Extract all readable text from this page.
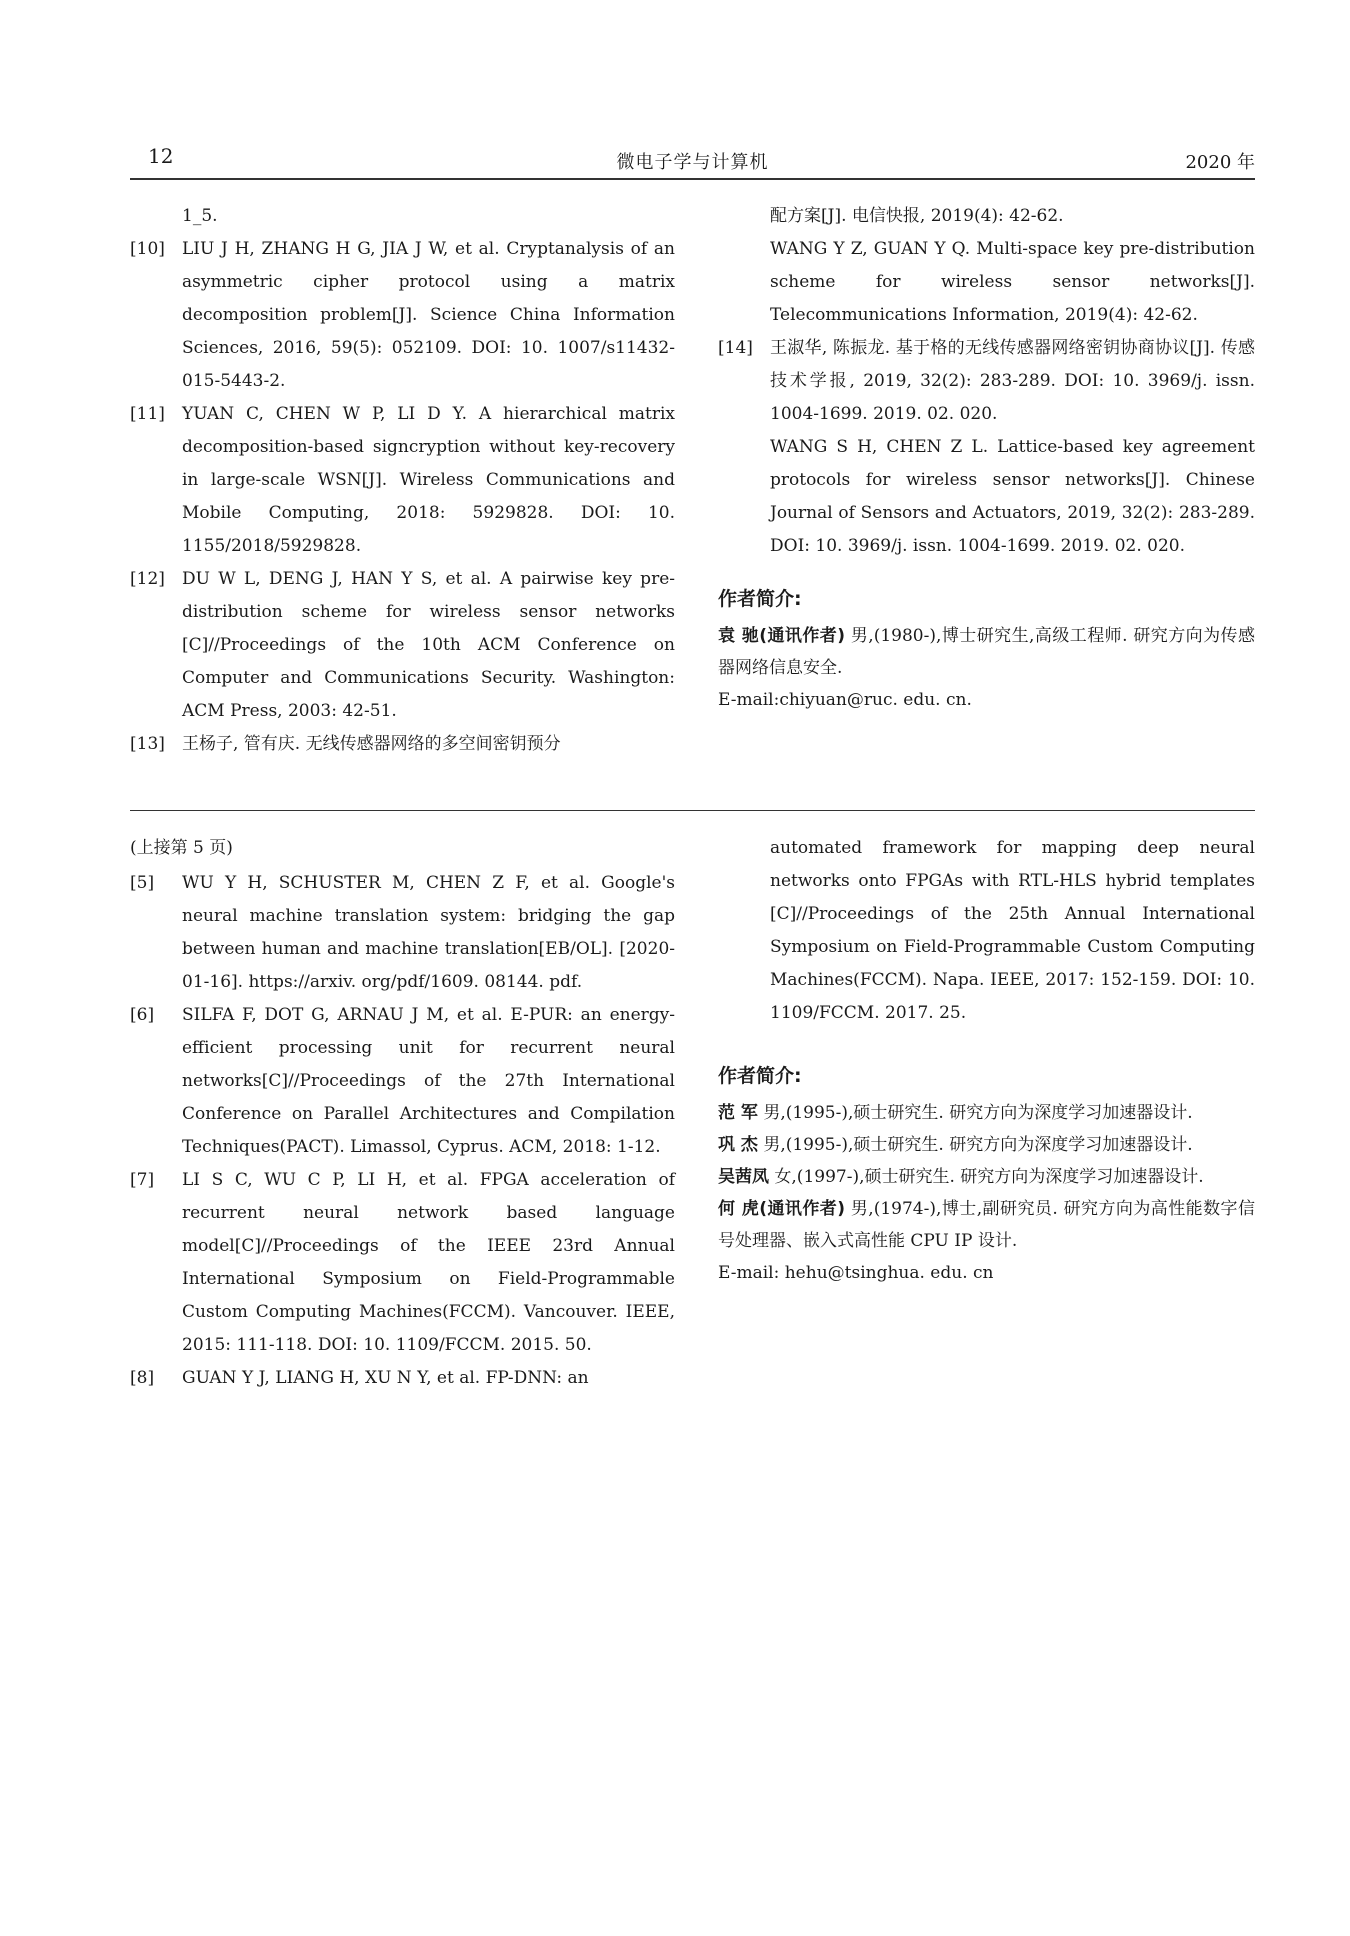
12	微电子学与计算机	2020 年
1_5.
[10]	LIU J H, ZHANG H G, JIA J W, et al. Cryptanalysis of an asymmetric cipher protocol using a matrix decomposition problem[J]. Science China Information Sciences, 2016, 59(5): 052109. DOI: 10. 1007/s11432-015-5443-2.
[11]	YUAN C, CHEN W P, LI D Y. A hierarchical matrix decomposition-based signcryption without key-recovery in large-scale WSN[J]. Wireless Communications and Mobile Computing, 2018: 5929828. DOI: 10. 1155/2018/5929828.
[12]	DU W L, DENG J, HAN Y S, et al. A pairwise key pre-distribution scheme for wireless sensor networks [C]//Proceedings of the 10th ACM Conference on Computer and Communications Security. Washington: ACM Press, 2003: 42-51.
[13]	王杨子, 管有庆. 无线传感器网络的多空间密钥预分
配方案[J]. 电信快报, 2019(4): 42-62.
WANG Y Z, GUAN Y Q. Multi-space key pre-distribution scheme for wireless sensor networks[J]. Telecommunications Information, 2019(4): 42-62.
[14]	王淑华, 陈振龙. 基于格的无线传感器网络密钥协商协议[J]. 传感技术学报, 2019, 32(2): 283-289. DOI: 10. 3969/j. issn. 1004-1699. 2019. 02. 020.
WANG S H, CHEN Z L. Lattice-based key agreement protocols for wireless sensor networks[J]. Chinese Journal of Sensors and Actuators, 2019, 32(2): 283-289. DOI: 10. 3969/j. issn. 1004-1699. 2019. 02. 020.
作者简介:
袁 驰(通讯作者) 男,(1980-),博士研究生,高级工程师. 研究方向为传感器网络信息安全.
E-mail:chiyuan@ruc. edu. cn.
(上接第 5 页)
[5]	WU Y H, SCHUSTER M, CHEN Z F, et al. Google's neural machine translation system: bridging the gap between human and machine translation[EB/OL]. [2020-01-16]. https://arxiv. org/pdf/1609. 08144. pdf.
[6]	SILFA F, DOT G, ARNAU J M, et al. E-PUR: an energy-efficient processing unit for recurrent neural networks[C]//Proceedings of the 27th International Conference on Parallel Architectures and Compilation Techniques(PACT). Limassol, Cyprus. ACM, 2018: 1-12.
[7]	LI S C, WU C P, LI H, et al. FPGA acceleration of recurrent neural network based language model[C]//Proceedings of the IEEE 23rd Annual International Symposium on Field-Programmable Custom Computing Machines(FCCM). Vancouver. IEEE, 2015: 111-118. DOI: 10. 1109/FCCM. 2015. 50.
[8]	GUAN Y J, LIANG H, XU N Y, et al. FP-DNN: an
automated framework for mapping deep neural networks onto FPGAs with RTL-HLS hybrid templates [C]//Proceedings of the 25th Annual International Symposium on Field-Programmable Custom Computing Machines(FCCM). Napa. IEEE, 2017: 152-159. DOI: 10. 1109/FCCM. 2017. 25.
作者简介:
范 军 男,(1995-),硕士研究生. 研究方向为深度学习加速器设计.
巩 杰 男,(1995-),硕士研究生. 研究方向为深度学习加速器设计.
吴茜凤 女,(1997-),硕士研究生. 研究方向为深度学习加速器设计.
何 虎(通讯作者) 男,(1974-),博士,副研究员. 研究方向为高性能数字信号处理器、嵌入式高性能 CPU IP 设计.
E-mail: hehu@tsinghua. edu. cn
